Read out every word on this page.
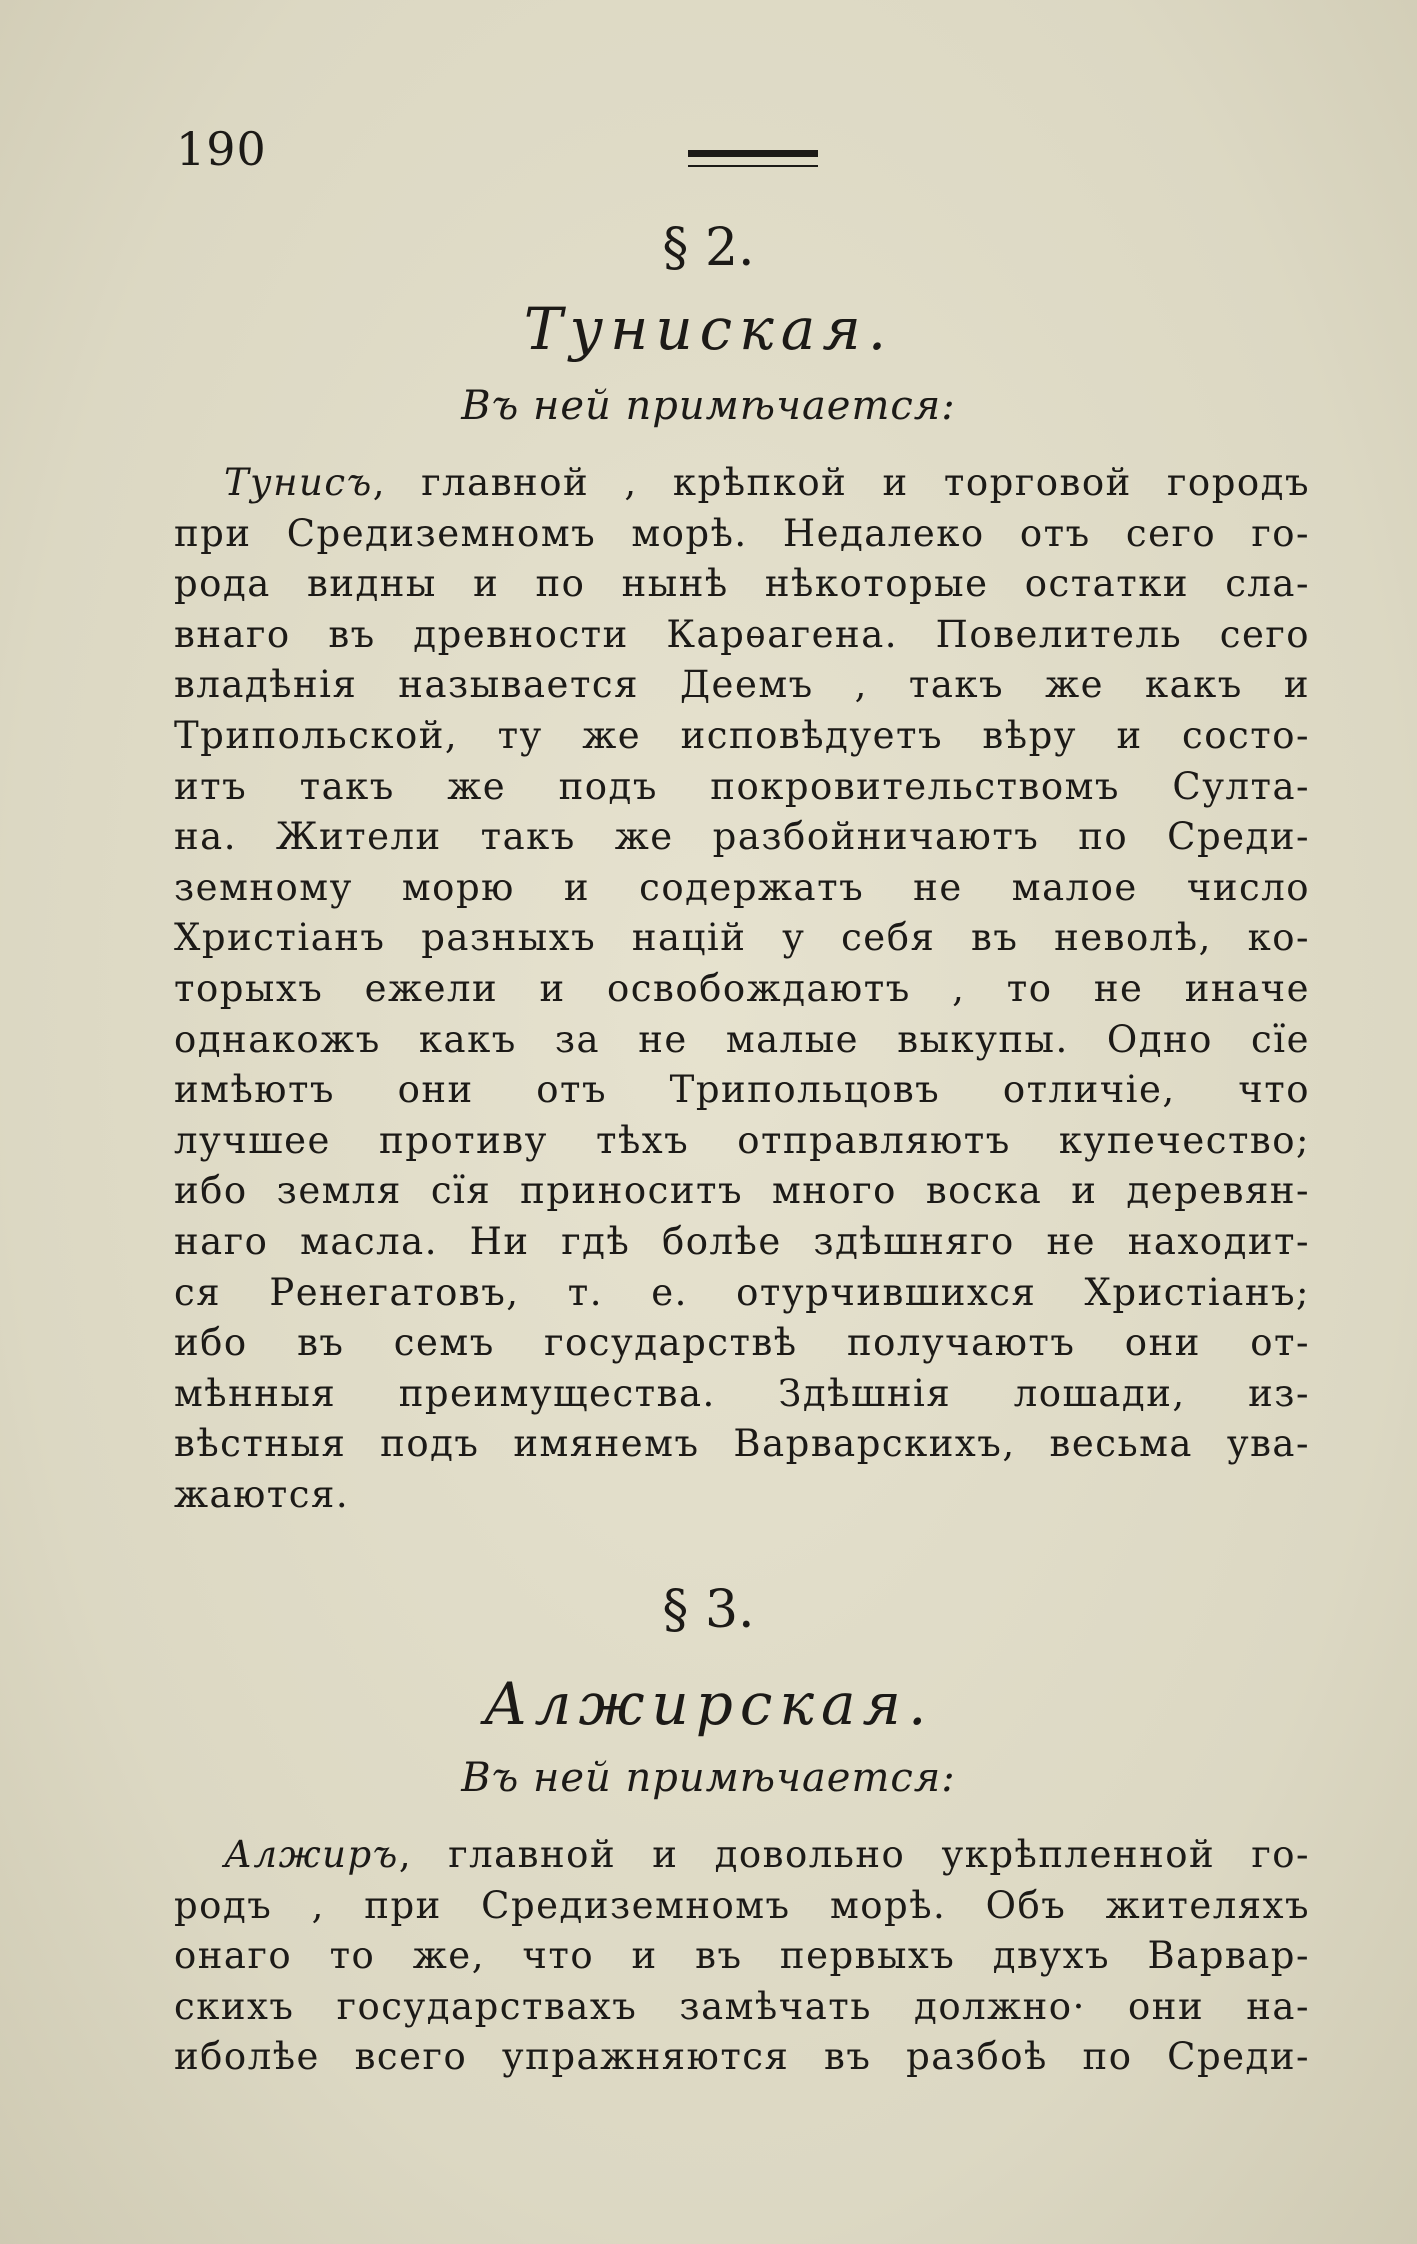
190
§ 2.
Туниская.
Въ ней примѣчается:
Тунисъ, главной , крѣпкой и торговой городъ
при Средиземномъ морѣ. Недалеко отъ сего го-
рода видны и по нынѣ нѣкоторые остатки сла-
внаго въ древности Карѳагена. Повелитель сего
владѣнія называется Деемъ , такъ же какъ и
Трипольской, ту же исповѣдуетъ вѣру и состо-
итъ такъ же подъ покровительствомъ Султа-
на. Жители такъ же разбойничаютъ по Среди-
земному морю и содержатъ не малое число
Христіанъ разныхъ націй у себя въ неволѣ, ко-
торыхъ ежели и освобождаютъ , то не иначе
однакожъ какъ за не малые выкупы. Одно сїе
имѣютъ они отъ Трипольцовъ отличіе, что
лучшее противу тѣхъ отправляютъ купечество;
ибо земля сїя приноситъ много воска и деревян-
наго масла. Ни гдѣ болѣе здѣшняго не находит-
ся Ренегатовъ, т. е. отурчившихся Христіанъ;
ибо въ семъ государствѣ получаютъ они от-
мѣнныя преимущества. Здѣшнія лошади, из-
вѣстныя подъ имянемъ Варварскихъ, весьма ува-
жаются.
§ 3.
Алжирская.
Въ ней примѣчается:
Алжиръ, главной и довольно укрѣпленной го-
родъ , при Средиземномъ морѣ. Объ жителяхъ
онаго то же, что и въ первыхъ двухъ Варвар-
скихъ государствахъ замѣчать должно· они на-
иболѣе всего упражняются въ разбоѣ по Среди-
